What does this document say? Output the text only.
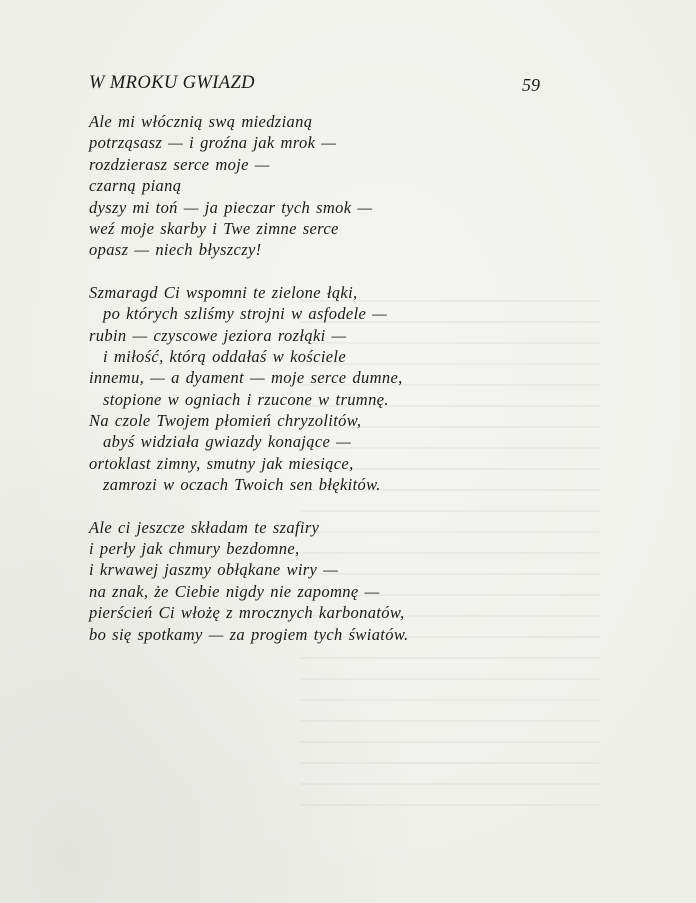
W MROKU GWIAZD	59
Ale mi włócznią swą miedzianą
potrząsasz — i groźna jak mrok —
rozdzierasz serce moje —
czarną pianą
dyszy mi toń — ja pieczar tych smok —
weź moje skarby i Twe zimne serce
opasz — niech błyszczy!
Szmaragd Ci wspomni te zielone łąki,
po których szliśmy strojni w asfodele —
rubin — czyscowe jeziora rozłąki —
i miłość, którą oddałaś w kościele
innemu, — a dyament — moje serce dumne,
stopione w ogniach i rzucone w trumnę.
Na czole Twojem płomień chryzolitów,
abyś widziała gwiazdy konające —
ortoklast zimny, smutny jak miesiące,
zamrozi w oczach Twoich sen błękitów.
Ale ci jeszcze składam te szafiry
i perły jak chmury bezdomne,
i krwawej jaszmy obłąkane wiry —
na znak, że Ciebie nigdy nie zapomnę —
pierścień Ci włożę z mrocznych karbonatów,
bo się spotkamy — za progiem tych światów.
